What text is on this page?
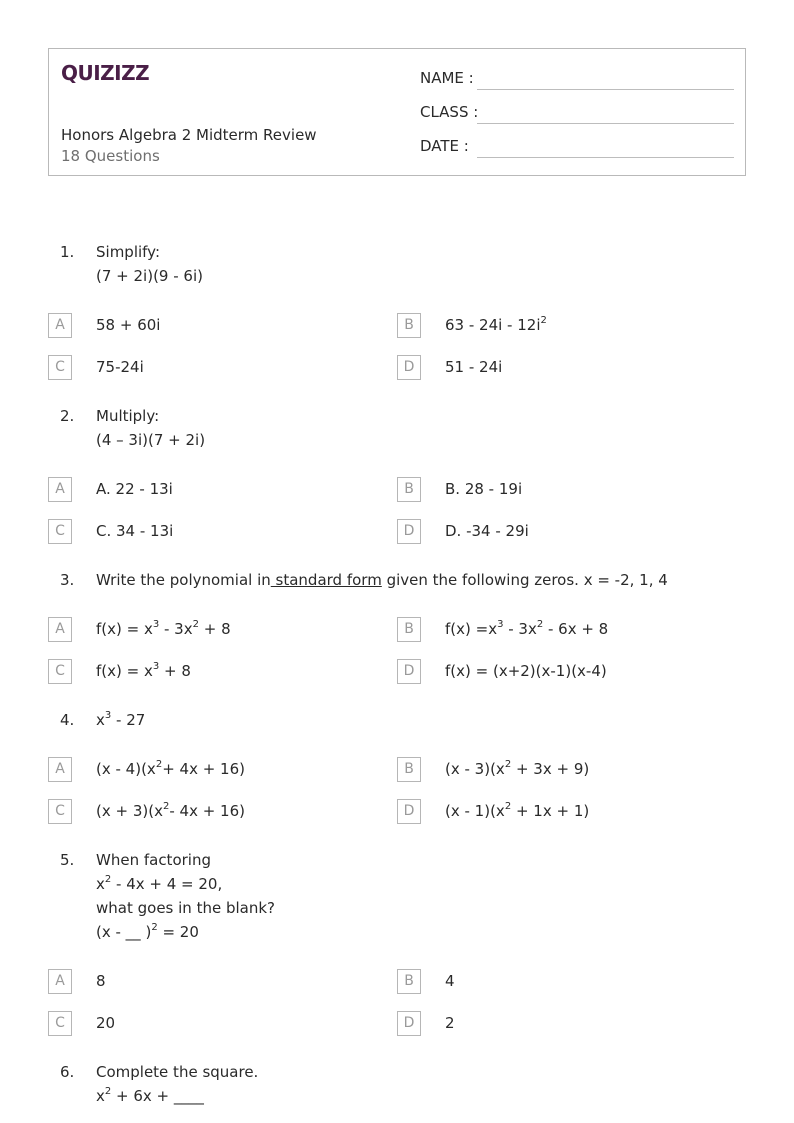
QUIZIZZ
Honors Algebra 2 Midterm Review
18 Questions
NAME :
CLASS :
DATE :
1. Simplify:
(7 + 2i)(9 - 6i)
A	58 + 60i	B	$63 - 24i - 12i^2$
C	75-24i	D	51 - 24i
2. Multiply:
(4 – 3i)(7 + 2i)
A	A. 22 - 13i	B	B. 28 - 19i
C	C. 34 - 13i	D	D. -34 - 29i
3. Write the polynomial in standard form given the following zeros. x = -2, 1, 4
A	$f(x) = x^3 - 3x^2 + 8$	B	$f(x) =x^3 - 3x^2 - 6x + 8$
C	$f(x) = x^3 + 8$	D	f(x) = (x+2)(x-1)(x-4)
4. $x^3 - 27$
A	$(x - 4)(x^2+ 4x + 16)$	B	$(x - 3)(x^2 + 3x + 9)$
C	$(x + 3)(x^2-$ 4x + 16)	D	$(x - 1)(x^2 + 1x + 1)$
5. When factoring
$x^2 - 4x + 4 = 20$,
what goes in the blank?
(x - __ )$^2$ = 20
A	8	B	4
C	20	D	2
6. Complete the square.
$x^2 + 6x$ + ____
